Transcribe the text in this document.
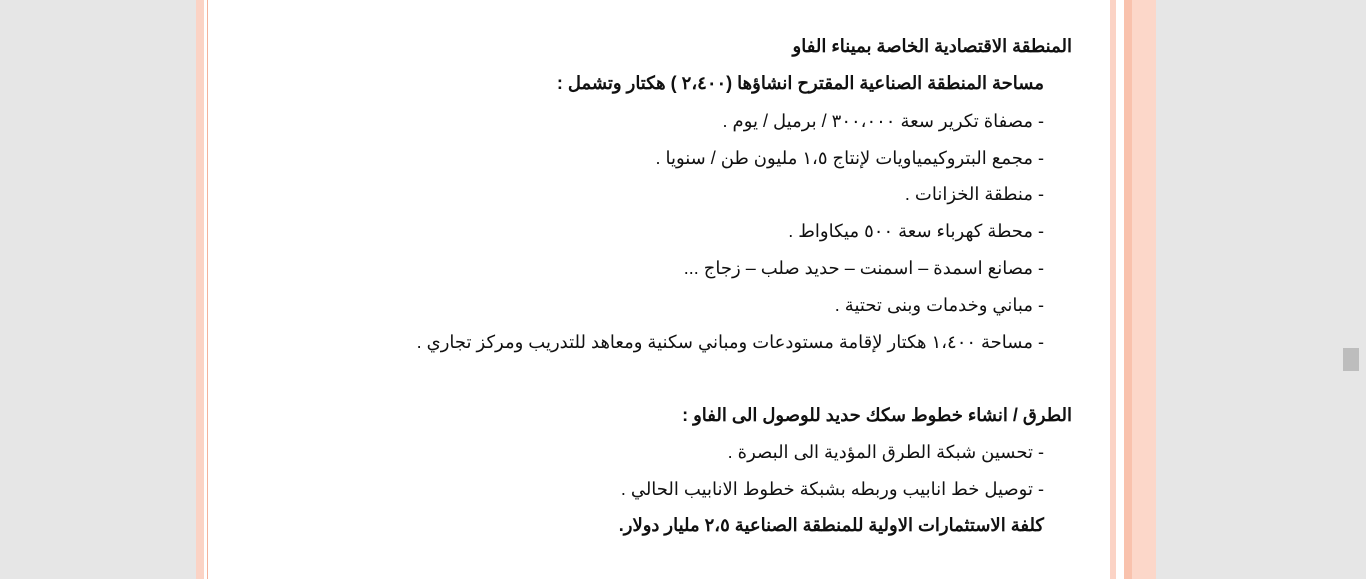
المنطقة الاقتصادية الخاصة بميناء الفاو
مساحة المنطقة الصناعية المقترح انشاؤها (٢،٤٠٠ ) هكتار وتشمل :
- مصفاة تكرير سعة ٣٠٠،٠٠٠ / برميل / يوم .
- مجمع البتروكيمياويات لإنتاج ١،٥ مليون طن / سنويا .
- منطقة الخزانات .
- محطة كهرباء سعة ٥٠٠ ميكاواط .
- مصانع اسمدة – اسمنت – حديد صلب – زجاج ...
- مباني وخدمات وبنى تحتية .
- مساحة ١،٤٠٠ هكتار لإقامة مستودعات ومباني سكنية ومعاهد للتدريب ومركز تجاري .
الطرق / انشاء خطوط سكك حديد للوصول الى الفاو :
- تحسين شبكة الطرق المؤدية الى البصرة .
- توصيل خط انابيب وربطه بشبكة خطوط الانابيب الحالي .
كلفة الاستثمارات الاولية للمنطقة الصناعية ٢،٥ مليار دولار.
